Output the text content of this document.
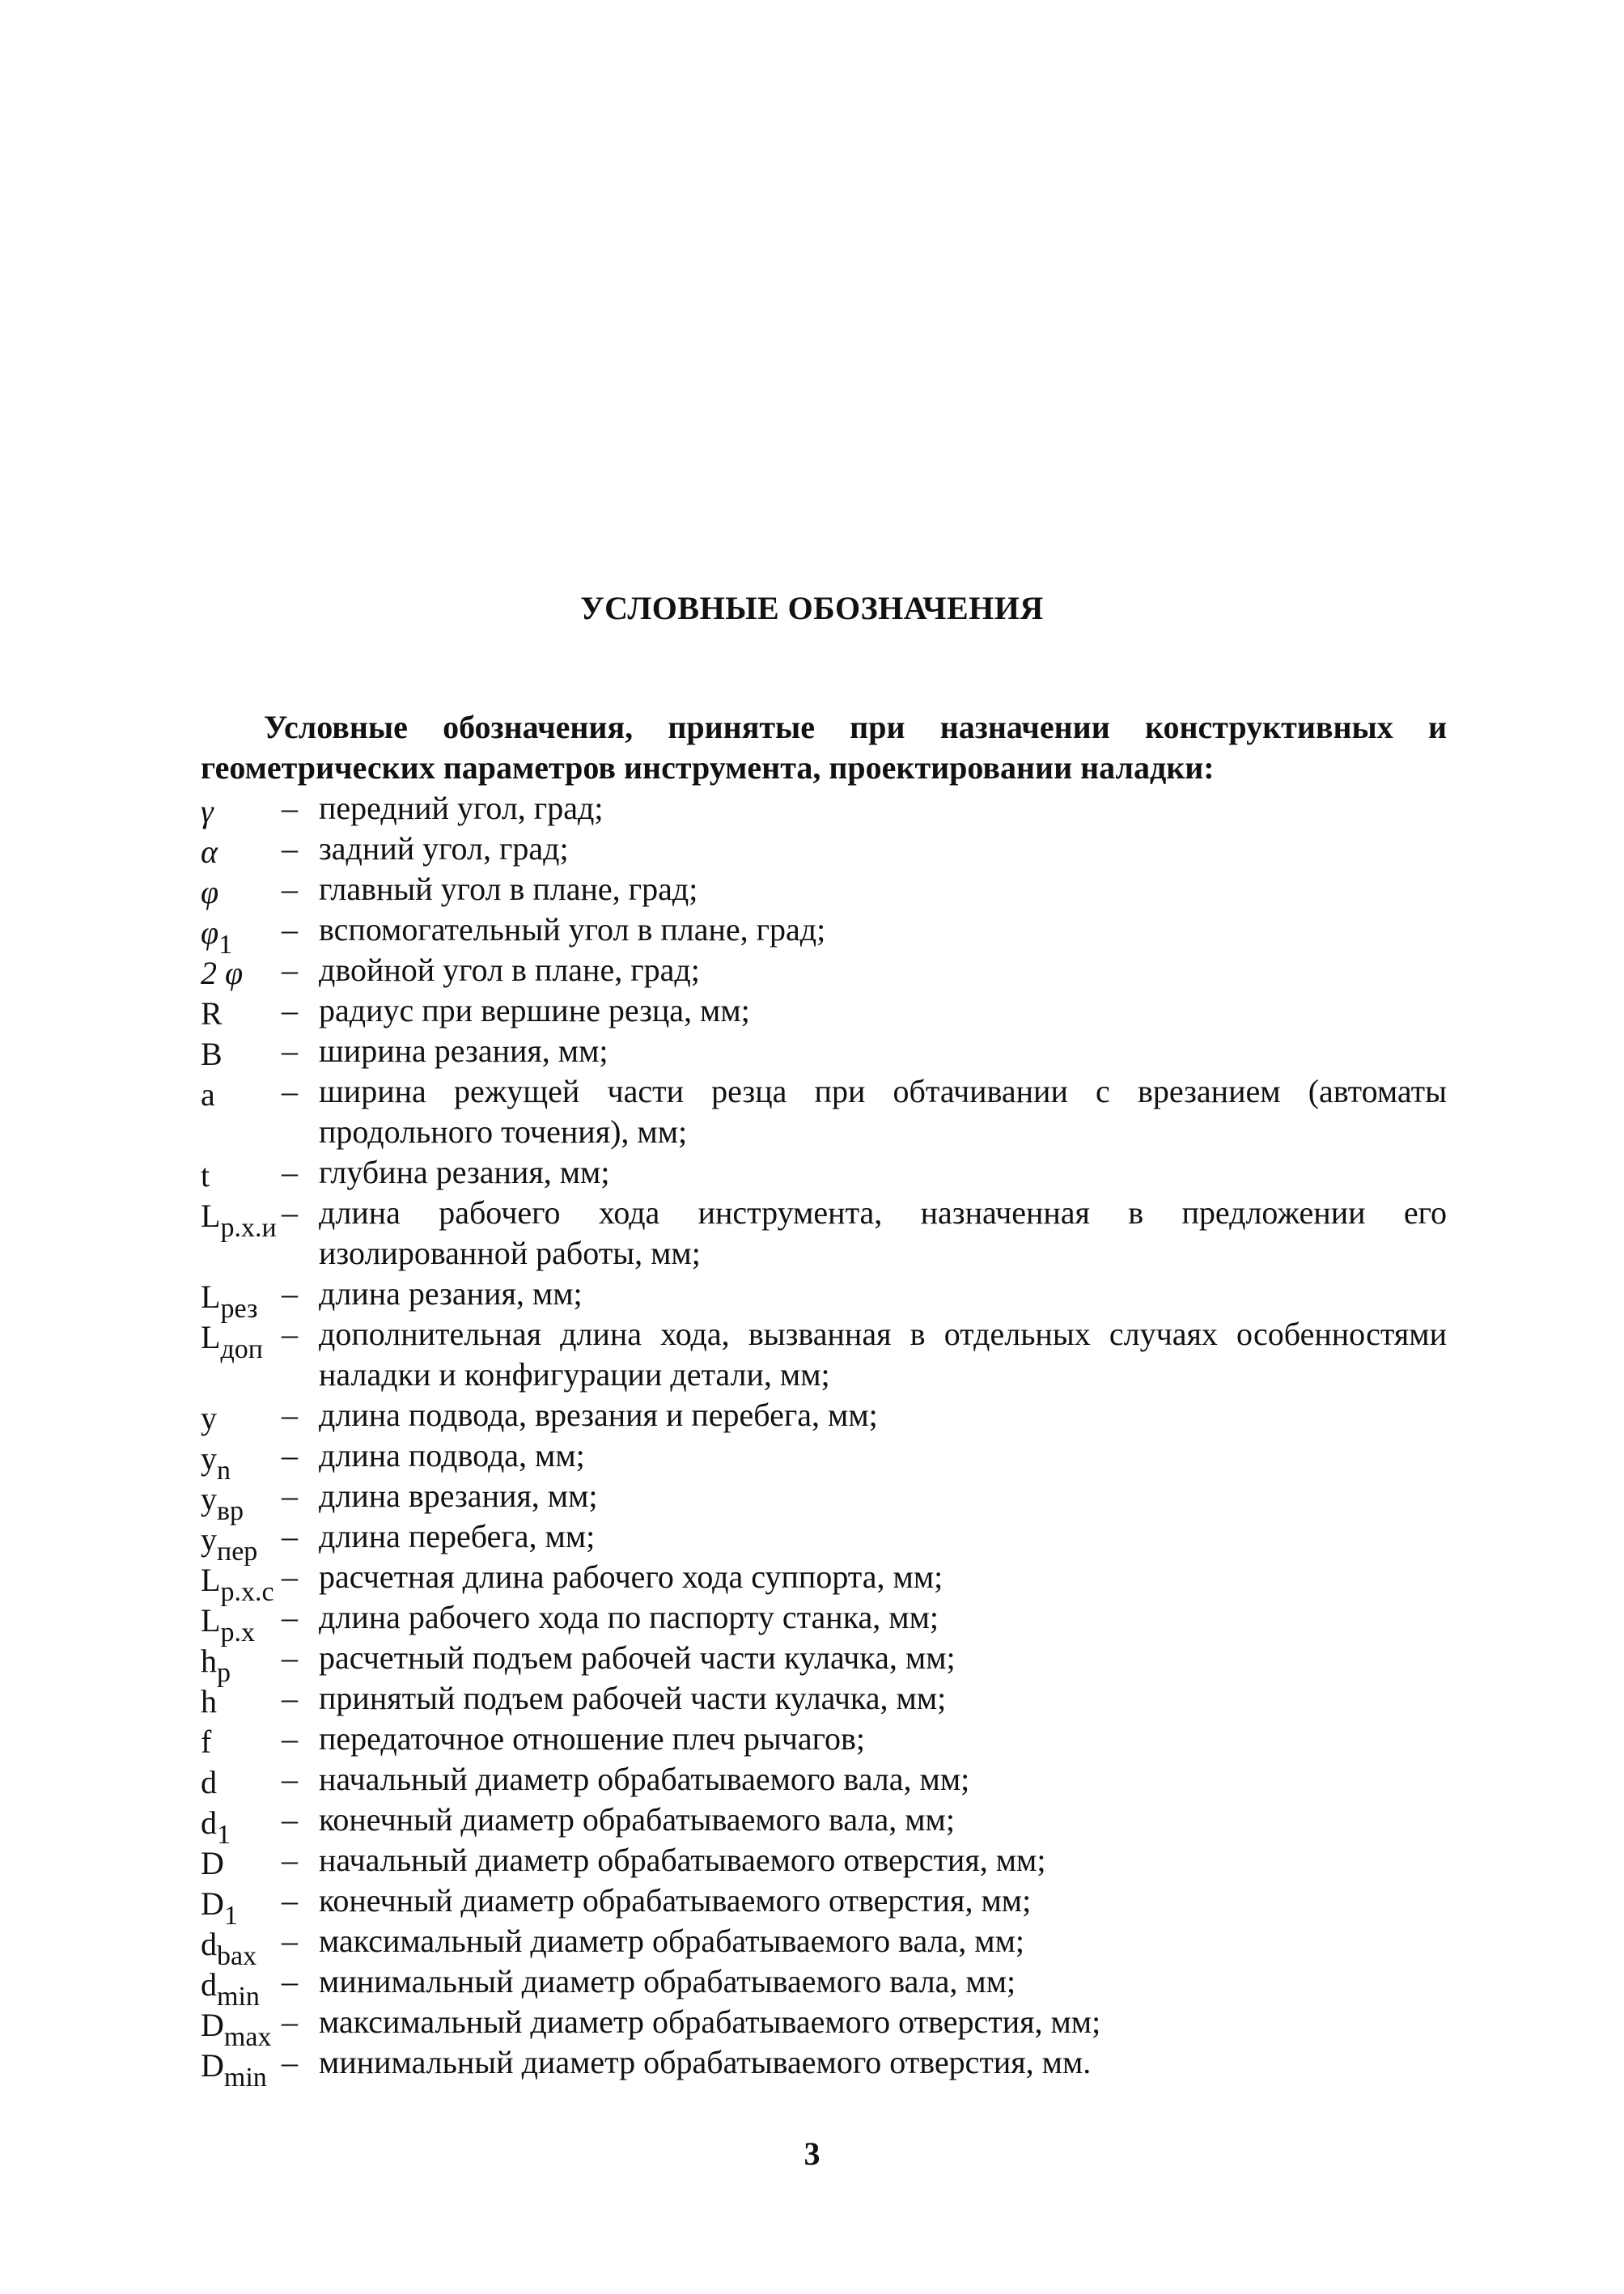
УСЛОВНЫЕ ОБОЗНАЧЕНИЯ
Условные обозначения, принятые при назначении конструктивных и геометрических параметров инструмента, проектировании наладки:
γ	– передний угол, град;
α	– задний угол, град;
φ	– главный угол в плане, град;
$\varphi_1$	– вспомогательный угол в плане, град;
2 φ	– двойной угол в плане, град;
R	– радиус при вершине резца, мм;
B	– ширина резания, мм;
a	– ширина режущей части резца при обтачивании с врезанием (автоматы продольного точения), мм;
t	– глубина резания, мм;
$L_{р.х.и}$ – длина рабочего хода инструмента, назначенная в предложении его изолированной работы, мм;
$L_{рез}$ – длина резания, мм;
$L_{доп}$ – дополнительная длина хода, вызванная в отдельных случаях особенностями наладки и конфигурации детали, мм;
y	– длина подвода, врезания и перебега, мм;
$y_n$	– длина подвода, мм;
$y_{вр}$	– длина врезания, мм;
$y_{пер}$ – длина перебега, мм;
$L_{р.х.с}$ – расчетная длина рабочего хода суппорта, мм;
$L_{р.х}$ – длина рабочего хода по паспорту станка, мм;
$h_р$	– расчетный подъем рабочей части кулачка, мм;
h	– принятый подъем рабочей части кулачка, мм;
f	– передаточное отношение плеч рычагов;
d	– начальный диаметр обрабатываемого вала, мм;
$d_1$	– конечный диаметр обрабатываемого вала, мм;
D	– начальный диаметр обрабатываемого отверстия, мм;
$D_1$	– конечный диаметр обрабатываемого отверстия, мм;
$d_{bax}$ – максимальный диаметр обрабатываемого вала, мм;
$d_{min}$ – минимальный диаметр обрабатываемого вала, мм;
$D_{max}$ – максимальный диаметр обрабатываемого отверстия, мм;
$D_{min}$ – минимальный диаметр обрабатываемого отверстия, мм.
3
